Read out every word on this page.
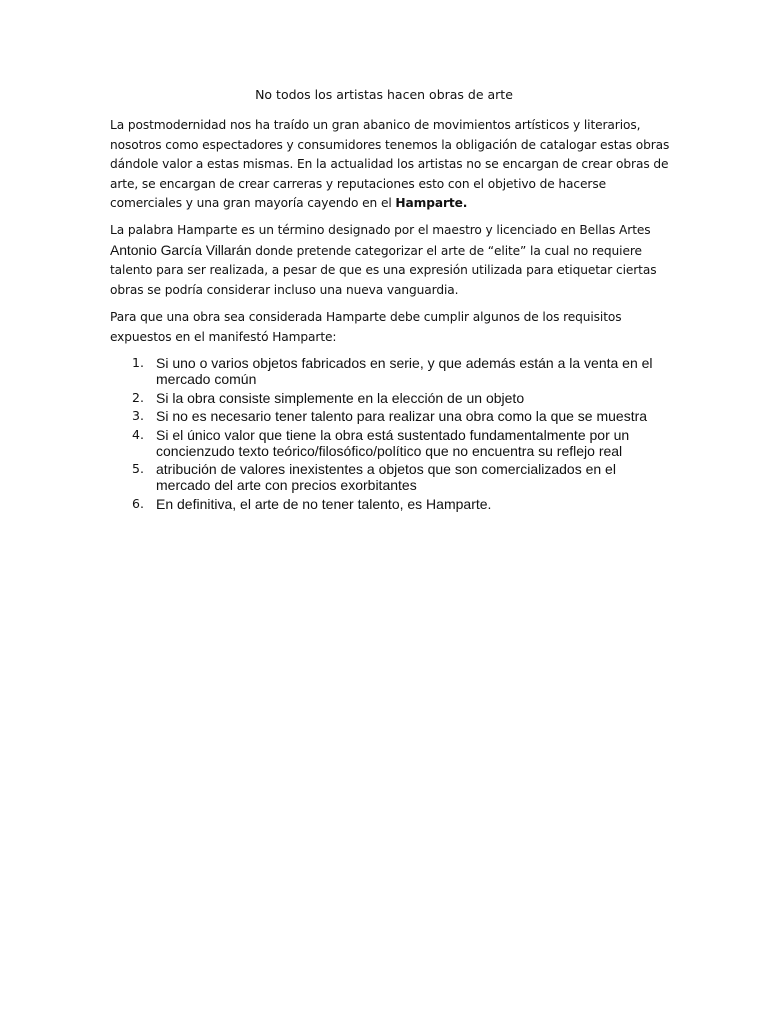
No todos los artistas hacen obras de arte

La postmodernidad nos ha traído un gran abanico de movimientos artísticos y literarios, nosotros como espectadores y consumidores tenemos la obligación de catalogar estas obras dándole valor a estas mismas. En la actualidad los artistas no se encargan de crear obras de arte, se encargan de crear carreras y reputaciones esto con el objetivo de hacerse comerciales y una gran mayoría cayendo en el Hamparte.

La palabra Hamparte es un término designado por el maestro y licenciado en Bellas Artes Antonio García Villarán donde pretende categorizar el arte de “elite” la cual no requiere talento para ser realizada, a pesar de que es una expresión utilizada para etiquetar ciertas obras se podría considerar incluso una nueva vanguardia.

Para que una obra sea considerada Hamparte debe cumplir algunos de los requisitos expuestos en el manifestó Hamparte:

1. Si uno o varios objetos fabricados en serie, y que además están a la venta en el mercado común
2. Si la obra consiste simplemente en la elección de un objeto
3. Si no es necesario tener talento para realizar una obra como la que se muestra
4. Si el único valor que tiene la obra está sustentado fundamentalmente por un concienzudo texto teórico/filosófico/político que no encuentra su reflejo real
5. atribución de valores inexistentes a objetos que son comercializados en el mercado del arte con precios exorbitantes
6. En definitiva, el arte de no tener talento, es Hamparte.
